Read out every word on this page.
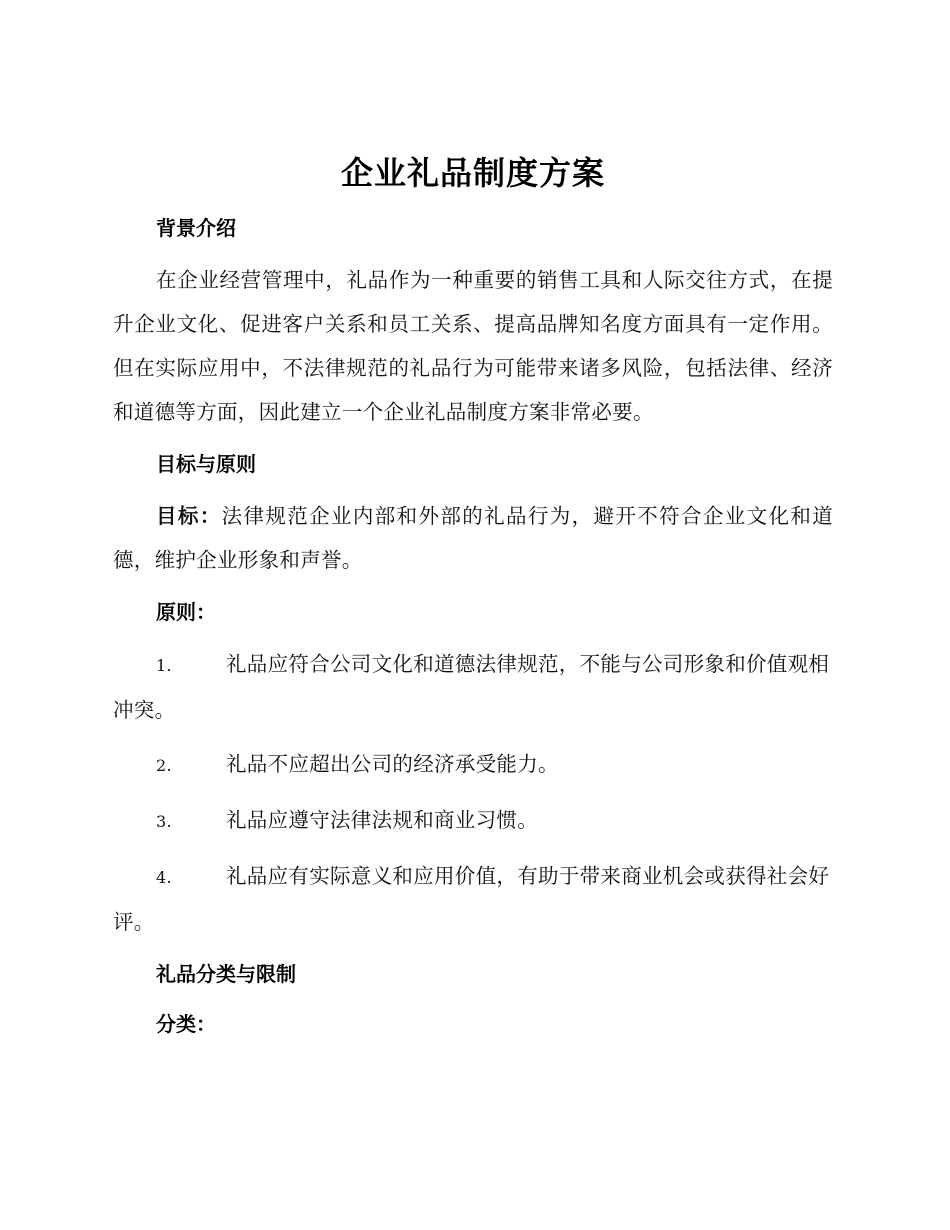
企业礼品制度方案
背景介绍

在企业经营管理中，礼品作为一种重要的销售工具和人际交往方式，在提升企业文化、促进客户关系和员工关系、提高品牌知名度方面具有一定作用。但在实际应用中，不法律规范的礼品行为可能带来诸多风险，包括法律、经济和道德等方面，因此建立一个企业礼品制度方案非常必要。

目标与原则

目标：法律规范企业内部和外部的礼品行为，避开不符合企业文化和道德，维护企业形象和声誉。

原则：

1.	礼品应符合公司文化和道德法律规范，不能与公司形象和价值观相冲突。

2.	礼品不应超出公司的经济承受能力。

3.	礼品应遵守法律法规和商业习惯。

4.	礼品应有实际意义和应用价值，有助于带来商业机会或获得社会好评。

礼品分类与限制
分类：
